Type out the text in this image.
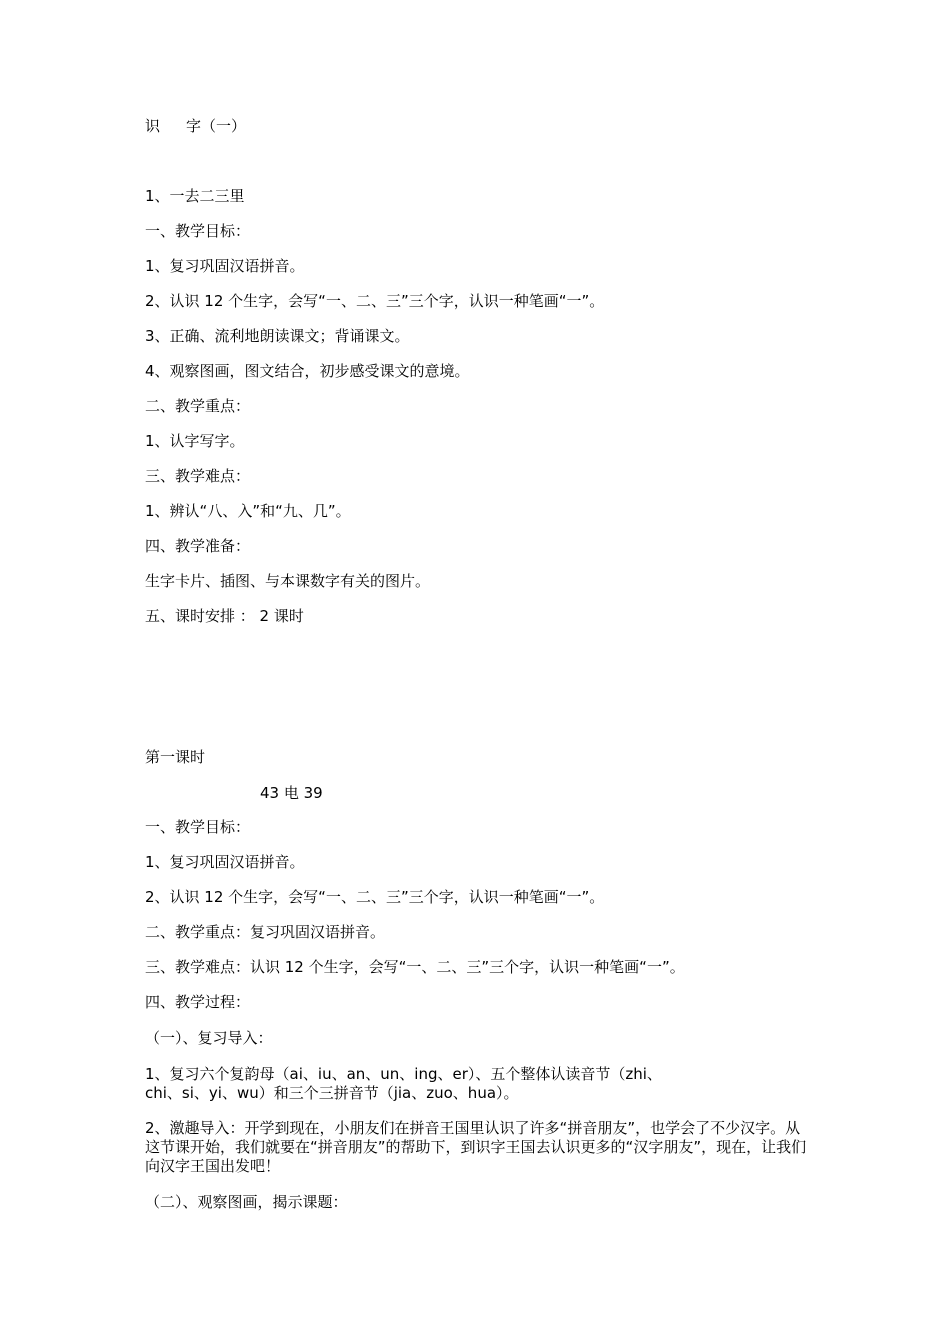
识 字（一）
1、一去二三里
一、教学目标：
1、复习巩固汉语拼音。
2、认识 12 个生字，会写“一、二、三”三个字，认识一种笔画“一”。
3、正确、流利地朗读课文；背诵课文。
4、观察图画，图文结合，初步感受课文的意境。
二、教学重点：
1、认字写字。
三、教学难点：
1、辨认“八、入”和“九、几”。
四、教学准备：
生字卡片、插图、与本课数字有关的图片。
五、课时安排 ： 2 课时
第一课时
43 电 39
一、教学目标：
1、复习巩固汉语拼音。
2、认识 12 个生字，会写“一、二、三”三个字，认识一种笔画“一”。
二、教学重点：复习巩固汉语拼音。
三、教学难点：认识 12 个生字，会写“一、二、三”三个字，认识一种笔画“一”。
四、教学过程：
（一）、复习导入：
1、复习六个复韵母（ai、iu、an、un、ing、er）、五个整体认读音节（zhi、chi、si、yi、wu）和三个三拼音节（jia、zuo、hua）。
2、激趣导入：开学到现在，小朋友们在拼音王国里认识了许多“拼音朋友”，也学会了不少汉字。从这节课开始，我们就要在“拼音朋友”的帮助下，到识字王国去认识更多的“汉字朋友”，现在，让我们向汉字王国出发吧！
（二）、观察图画，揭示课题：
